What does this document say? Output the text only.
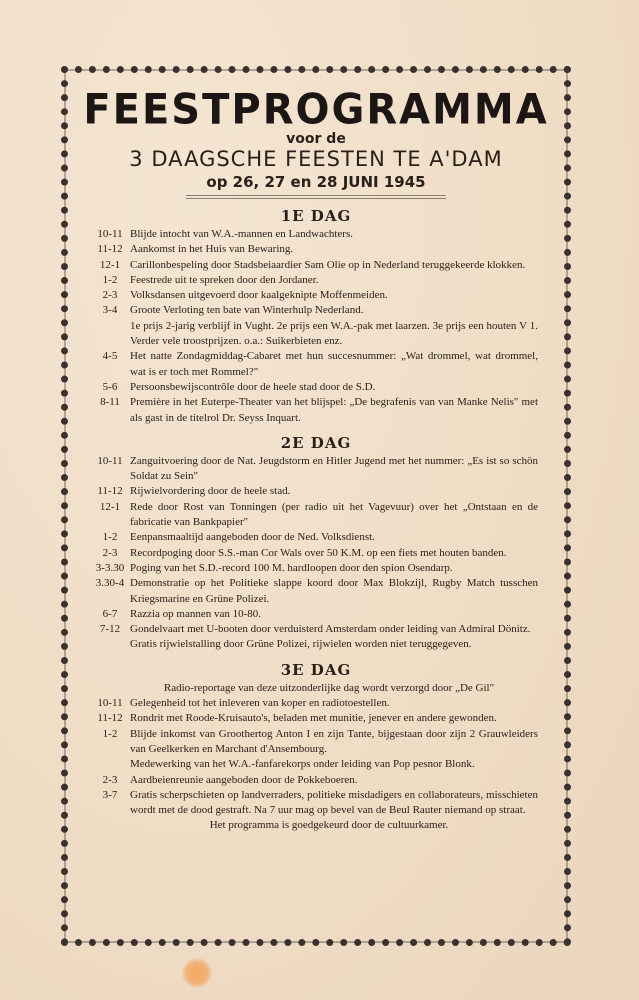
FEESTPROGRAMMA
voor de
3 DAAGSCHE FEESTEN TE A'DAM
op 26, 27 en 28 JUNI 1945
1E DAG
10-11 Blijde intocht van W.A.-mannen en Landwachters.
11-12 Aankomst in het Huis van Bewaring.
12-1 Carillonbespeling door Stadsbeiaardier Sam Olie op in Nederland teruggekeerde klokken.
1-2	Feestrede uit te spreken door den Jordaner.
2-3	Volksdansen uitgevoerd door kaalgeknipte Moffenmeiden.
3-4	Groote Verloting ten bate van Winterhulp Nederland.
1e prijs 2-jarig verblijf in Vught. 2e prijs een W.A.-pak met laarzen. 3e prijs een houten V 1. Verder vele troostprijzen. o.a.: Suikerbieten enz.
4-5	Het natte Zondagmiddag-Cabaret met hun succesnummer: „Wat drommel, wat drommel, wat is er toch met Rommel?"
5-6	Persoonsbewijscontrôle door de heele stad door de S.D.
8-11 Première in het Euterpe-Theater van het blijspel: „De begrafenis van van Manke Nelis" met als gast in de titelrol Dr. Seyss Inquart.
2E DAG
10-11 Zanguitvoering door de Nat. Jeugdstorm en Hitler Jugend met het nummer: „Es ist so schön Soldat zu Sein"
11-12 Rijwielvordering door de heele stad.
12-1 Rede door Rost van Tonningen (per radio uit het Vagevuur) over het „Ontstaan en de fabricatie van Bankpapier"
1-2	Eenpansmaaltijd aangeboden door de Ned. Volksdienst.
2-3	Recordpoging door S.S.-man Cor Wals over 50 K.M. op een fiets met houten banden.
3-3.30 Poging van het S.D.-record 100 M. hardloopen door den spion Osendarp.
3.30-4 Demonstratie op het Politieke slappe koord door Max Blokzijl, Rugby Match tusschen Kriegsmarine en Grüne Polizei.
6-7	Razzia op mannen van 10-80.
7-12 Gondelvaart met U-booten door verduisterd Amsterdam onder leiding van Admiral Dönitz.
Gratis rijwielstalling door Grüne Polizei, rijwielen worden niet teruggegeven.
3E DAG
Radio-reportage van deze uitzonderlijke dag wordt verzorgd door „De Gil"
10-11 Gelegenheid tot het inleveren van koper en radiotoestellen.
11-12 Rondrit met Roode-Kruisauto's, beladen met munitie, jenever en andere gewonden.
1-2	Blijde inkomst van Groothertog Anton I en zijn Tante, bijgestaan door zijn 2 Grauwleiders van Geelkerken en Marchant d'Ansembourg.
Medewerking van het W.A.-fanfarekorps onder leiding van Pop pesnor Blonk.
2-3	Aardbeienreunie aangeboden door de Pokkeboeren.
3-7	Gratis scherpschieten op landverraders, politieke misdadigers en collaborateurs, misschieten wordt met de dood gestraft. Na 7 uur mag op bevel van de Beul Rauter niemand op straat.
Het programma is goedgekeurd door de cultuurkamer.
